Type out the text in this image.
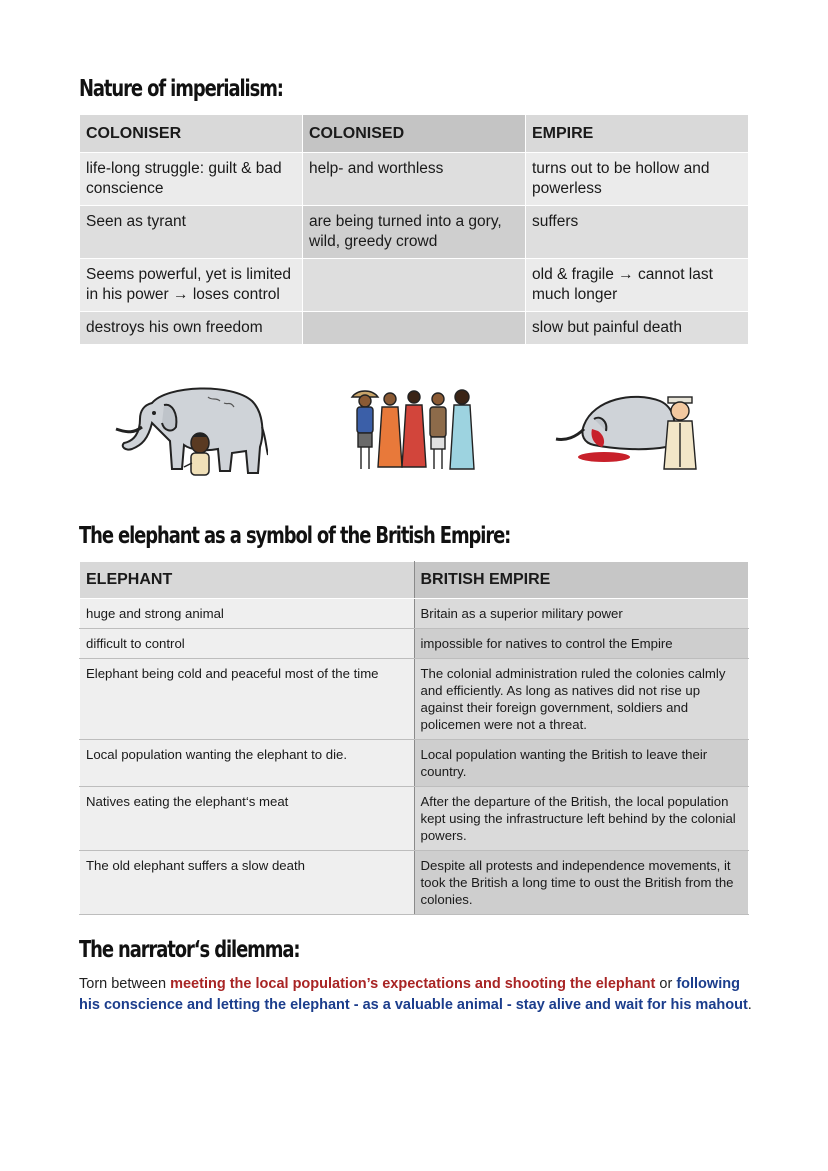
Nature of imperialism:
COLONISER	COLONISED	EMPIRE
life-long struggle: guilt & bad conscience	help- and worthless	turns out to be hollow and powerless
Seen as tyrant	are being turned into a gory, wild, greedy crowd	suffers
Seems powerful, yet is limited in his power → loses control		old & fragile → cannot last much longer
destroys his own freedom		slow but painful death
The elephant as a symbol of the British Empire:
ELEPHANT	BRITISH EMPIRE
huge and strong animal	Britain as a superior military power
difficult to control	impossible for natives to control the Empire
Elephant being cold and peaceful most of the time	The colonial administration ruled the colonies calmly and efficiently. As long as natives did not rise up against their foreign government, soldiers and policemen were not a threat.
Local population wanting the elephant to die.	Local population wanting the British to leave their country.
Natives eating the elephant‘s meat	After the departure of the British, the local population kept using the infrastructure left behind by the colonial powers.
The old elephant suffers a slow death	Despite all protests and independence movements, it took the British a long time to oust the British from the colonies.
The narrator‘s dilemma:
Torn between meeting the local population’s expectations and shooting the elephant or following his conscience and letting the elephant - as a valuable animal - stay alive and wait for his mahout.
